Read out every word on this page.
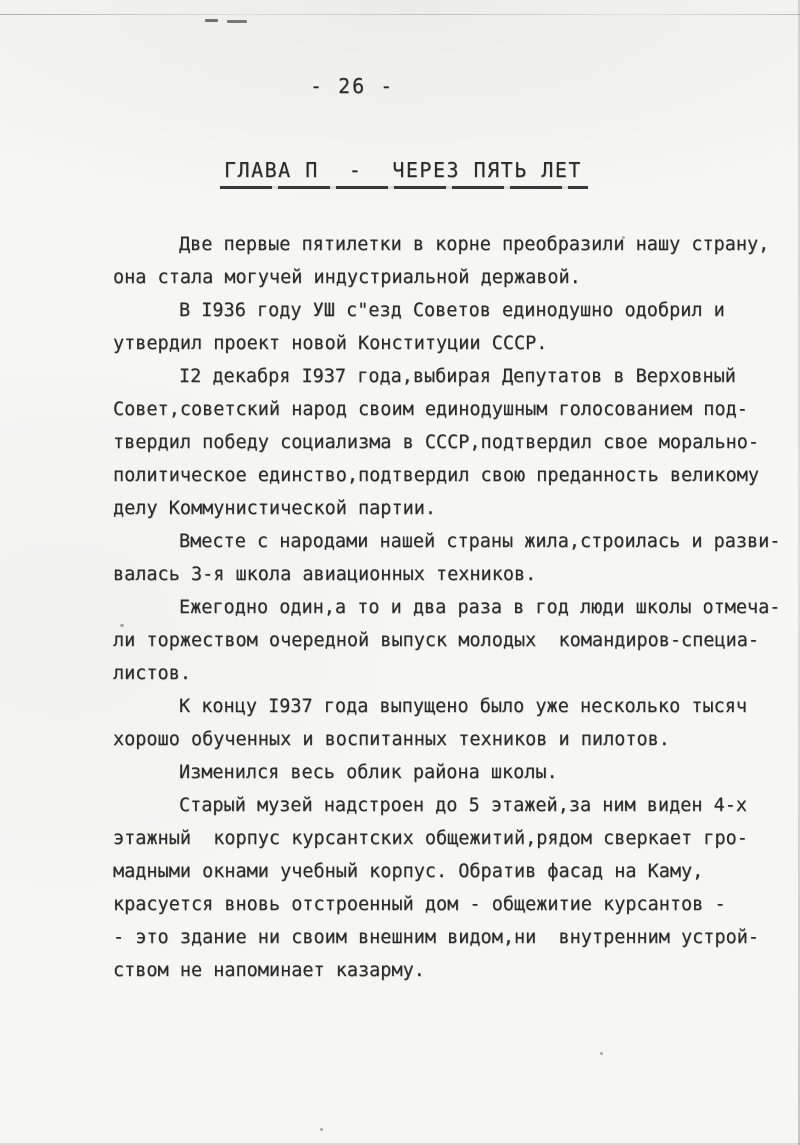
- 26 -
ГЛАВА П - ЧЕРЕЗ ПЯТЬ ЛЕТ
Две первые пятилетки в корне преобразили нашу страну,
она стала могучей индустриальной державой.
В I936 году УШ с"езд Советов единодушно одобрил и
утвердил проект новой Конституции СССР.
I2 декабря I937 года,выбирая Депутатов в Верховный
Совет,советский народ своим единодушным голосованием под-
твердил победу социализма в СССР,подтвердил свое морально-
политическое единство,подтвердил свою преданность великому
делу Коммунистической партии.
Вместе с народами нашей страны жила,строилась и разви-
валась 3-я школа авиационных техников.
Ежегодно один,а то и два раза в год люди школы отмеча-
ли торжеством очередной выпуск молодых  командиров-специа-
листов.
К концу I937 года выпущено было уже несколько тысяч
хорошо обученных и воспитанных техников и пилотов.
Изменился весь облик района школы.
Старый музей надстроен до 5 этажей,за ним виден 4-х
этажный  корпус курсантских общежитий,рядом сверкает гро-
мадными окнами учебный корпус. Обратив фасад на Каму,
красуется вновь отстроенный дом - общежитие курсантов -
- это здание ни своим внешним видом,ни  внутренним устрой-
ством не напоминает казарму.
